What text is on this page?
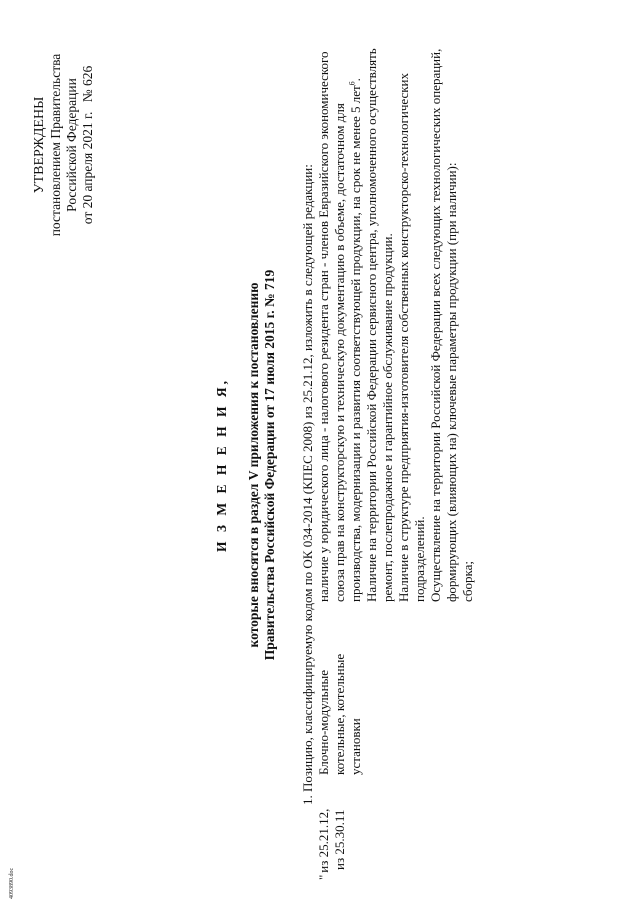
УТВЕРЖДЕНЫ постановлением Правительства Российской Федерации от 20 апреля 2021 г. № 626
И З М Е Н Е Н И Я, которые вносятся в раздел V приложения к постановлению Правительства Российской Федерации от 17 июля 2015 г. № 719 1. Позицию, классифицируемую кодом по ОК 034-2014 (КПЕС 2008) из 25.21.12, изложить в следующей редакции:
"из 25.21.12, из 25.30.11
Блочно-модульные котельные, котельные установки

наличие у юридического лица - налогового резидента стран - членов Евразийского экономического союза прав на конструкторскую и техническую документацию в объеме, достаточном для производства, модернизации и развития соответствующей продукции, на срок не менее 5 лет$^6$. Наличие на территории Российской Федерации сервисного центра, уполномоченного осуществлять ремонт, послепродажное и гарантийное обслуживание продукции. Наличие в структуре предприятия-изготовителя собственных конструкторско-технологических подразделений. Осуществление на территории Российской Федерации всех следующих технологических операций, формирующих (влияющих на) ключевые параметры продукции (при наличии): сборка;

4093890.doc
